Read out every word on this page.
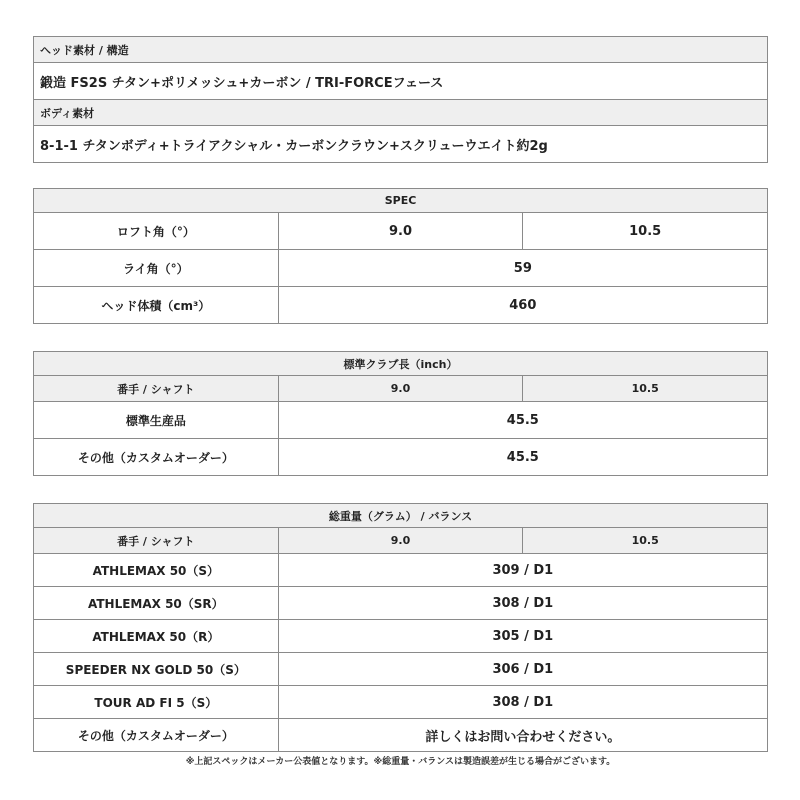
ヘッド素材 / 構造
鍛造 FS2S チタン+ポリメッシュ+カーボン / TRI-FORCEフェース
ボディ素材
8-1-1 チタンボディ+トライアクシャル・カーボンクラウン+スクリューウエイト約2g
SPEC		
ロフト角（°）	9.0	10.5
ライ角（°）	59	
ヘッド体積（cm³）	460	
標準クラブ長（inch）		
番手 / シャフト	9.0	10.5
標準生産品	45.5	
その他（カスタムオーダー）	45.5	
総重量（グラム） / バランス		
番手 / シャフト	9.0	10.5
ATHLEMAX 50（S）	309 / D1	
ATHLEMAX 50（SR）	308 / D1	
ATHLEMAX 50（R）	305 / D1	
SPEEDER NX GOLD 50（S）	306 / D1	
TOUR AD FI 5（S）	308 / D1	
その他（カスタムオーダー）	詳しくはお問い合わせください。	
※上記スペックはメーカー公表値となります。※総重量・バランスは製造誤差が生じる場合がございます。
